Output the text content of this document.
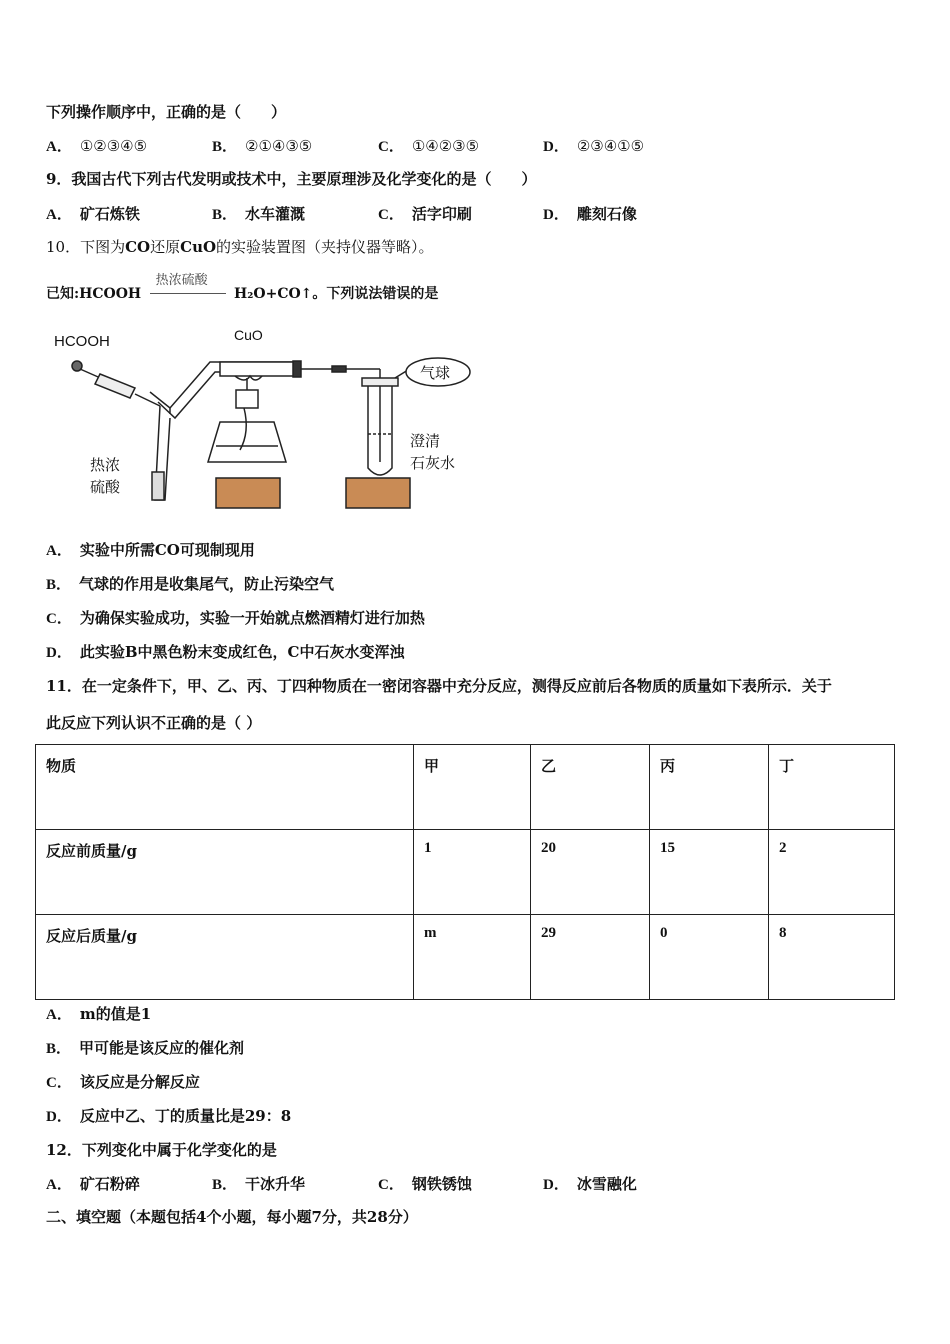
下列操作顺序中，正确的是（　　）
A． ①②③④⑤	B． ②①④③⑤	C． ①④②③⑤	D． ②③④①⑤
9．我国古代下列古代发明或技术中，主要原理涉及化学变化的是（　　）
A． 矿石炼铁	B． 水车灌溉	C． 活字印刷	D． 雕刻石像
10．下图为CO还原CuO的实验装置图（夹持仪器等略）。
已知:HCOOH
热浓硫酸
H₂O+CO↑。下列说法错误的是
HCOOH	CuO
热浓
硫酸
澄清
石灰水
气球
A． 实验中所需CO可现制现用
B． 气球的作用是收集尾气，防止污染空气
C． 为确保实验成功，实验一开始就点燃酒精灯进行加热
D． 此实验B中黑色粉末变成红色，C中石灰水变浑浊
11．在一定条件下，甲、乙、丙、丁四种物质在一密闭容器中充分反应，测得反应前后各物质的质量如下表所示．关于
此反应下列认识不正确的是（ ）
物质	甲	乙	丙	丁
反应前质量/g	1	20	15	2
反应后质量/g	m	29	0	8
A． m的值是1
B． 甲可能是该反应的催化剂
C． 该反应是分解反应
D． 反应中乙、丁的质量比是29：8
12．下列变化中属于化学变化的是
A． 矿石粉碎	B． 干冰升华	C． 钢铁锈蚀	D． 冰雪融化
二、填空题（本题包括4个小题，每小题7分，共28分）
